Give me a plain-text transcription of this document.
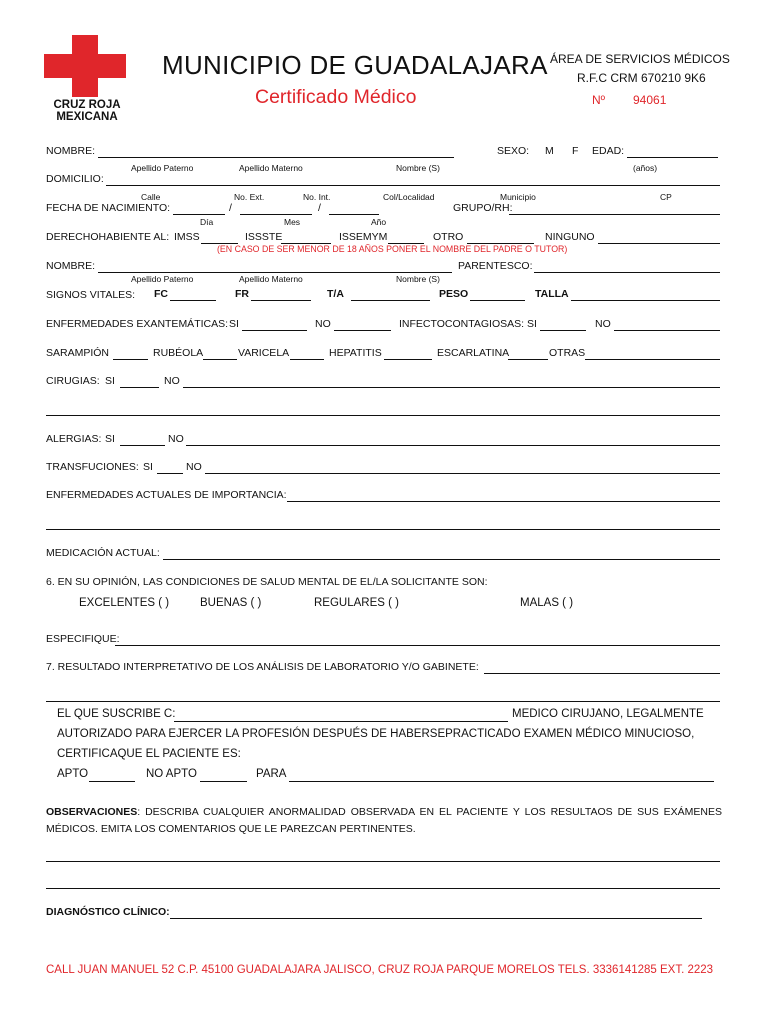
CRUZ ROJA
MEXICANA
MUNICIPIO DE GUADALAJARA
Certificado Médico
ÁREA DE SERVICIOS MÉDICOS
R.F.C CRM 670210 9K6
Nº 94061
NOMBRE:	SEXO: M F EDAD:
Apellido Paterno	Apellido Materno	Nombre (S)	(años)
DOMICILIO:
Calle	No. Ext.	No. Int.	Col/Localidad	Municipio	CP
FECHA DE NACIMIENTO:	/	/	GRUPO/RH:
Día	Mes	Año
DERECHOHABIENTE AL: IMSS	ISSSTE	ISSEMYM	OTRO	NINGUNO
(EN CASO DE SER MENOR DE 18 AÑOS PONER EL NOMBRE DEL PADRE O TUTOR)
NOMBRE:	PARENTESCO:
Apellido Paterno	Apellido Materno	Nombre (S)
SIGNOS VITALES: FC	FR	T/A	PESO	TALLA
ENFERMEDADES EXANTEMÁTICAS: SI	NO	INFECTOCONTAGIOSAS: SI	NO
SARAMPIÓN	RUBÉOLA	VARICELA	HEPATITIS	ESCARLATINA	OTRAS
CIRUGIAS: SI	NO
ALERGIAS: SI	NO
TRANSFUCIONES: SI	NO
ENFERMEDADES ACTUALES DE IMPORTANCIA:
MEDICACIÓN ACTUAL:
6. EN SU OPINIÓN, LAS CONDICIONES DE SALUD MENTAL DE EL/LA SOLICITANTE SON:
EXCELENTES ( )	BUENAS ( )	REGULARES ( )	MALAS ( )
ESPECIFIQUE:
7. RESULTADO INTERPRETATIVO DE LOS ANÁLISIS DE LABORATORIO Y/O GABINETE:
EL QUE SUSCRIBE C:	MEDICO CIRUJANO, LEGALMENTE
AUTORIZADO PARA EJERCER LA PROFESIÓN DESPUÉS DE HABERSEPRACTICADO EXAMEN MÉDICO MINUCIOSO,
CERTIFICAQUE EL PACIENTE ES:
APTO	NO APTO	PARA
OBSERVACIONES: DESCRIBA CUALQUIER ANORMALIDAD OBSERVADA EN EL PACIENTE Y LOS RESULTAOS DE SUS EXÁMENES MÉDICOS. EMITA LOS COMENTARIOS QUE LE PAREZCAN PERTINENTES.
DIAGNÓSTICO CLÍNICO:
CALL JUAN MANUEL 52 C.P. 45100 GUADALAJARA JALISCO, CRUZ ROJA PARQUE MORELOS TELS. 3336141285 EXT. 2223
